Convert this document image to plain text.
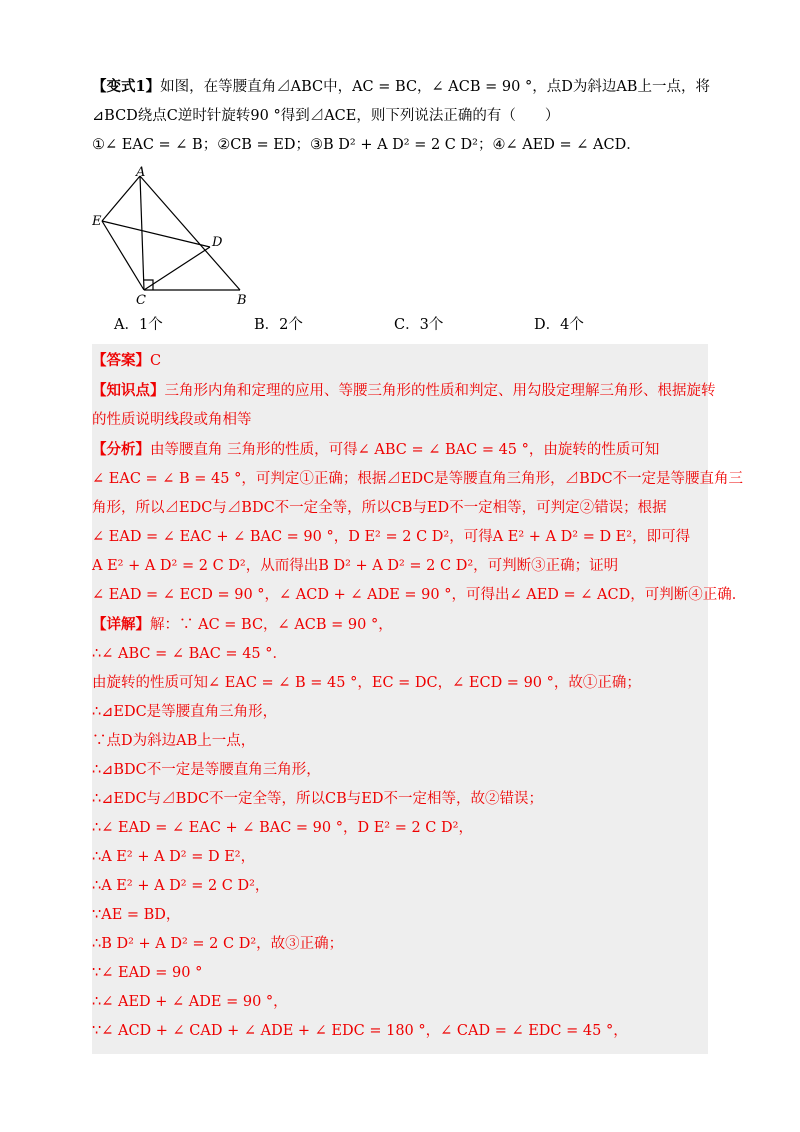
【变式1】如图，在等腰直角⊿ABC中，AC = BC，∠ ACB = 90 °，点D为斜边AB上一点，将
⊿BCD绕点C逆时针旋转90 °得到⊿ACE，则下列说法正确的有（　　）
①∠ EAC = ∠ B；②CB = ED；③B D² + A D² = 2 C D²；④∠ AED = ∠ ACD．
A
E
D
C	B
A．1个	B．2个	C．3个	D．4个
【答案】C
【知识点】三角形内角和定理的应用、等腰三角形的性质和判定、用勾股定理解三角形、根据旋转
的性质说明线段或角相等
【分析】由等腰直角 三角形的性质，可得∠ ABC = ∠ BAC = 45 °，由旋转的性质可知
∠ EAC = ∠ B = 45 °，可判定①正确；根据⊿EDC是等腰直角三角形，⊿BDC不一定是等腰直角三
角形，所以⊿EDC与⊿BDC不一定全等，所以CB与ED不一定相等，可判定②错误；根据
∠ EAD = ∠ EAC + ∠ BAC = 90 °，D E² = 2 C D²，可得A E² + A D² = D E²，即可得
A E² + A D² = 2 C D²，从而得出B D² + A D² = 2 C D²，可判断③正确；证明
∠ EAD = ∠ ECD = 90 °，∠ ACD + ∠ ADE = 90 °，可得出∠ AED = ∠ ACD，可判断④正确．
【详解】解：∵ AC = BC，∠ ACB = 90 °，
∴∠ ABC = ∠ BAC = 45 °．
由旋转的性质可知∠ EAC = ∠ B = 45 °，EC = DC，∠ ECD = 90 °，故①正确；
∴⊿EDC是等腰直角三角形，
∵点D为斜边AB上一点，
∴⊿BDC不一定是等腰直角三角形，
∴⊿EDC与⊿BDC不一定全等，所以CB与ED不一定相等，故②错误；
∴∠ EAD = ∠ EAC + ∠ BAC = 90 °，D E² = 2 C D²，
∴A E² + A D² = D E²，
∴A E² + A D² = 2 C D²，
∵AE = BD，
∴B D² + A D² = 2 C D²，故③正确；
∵∠ EAD = 90 °
∴∠ AED + ∠ ADE = 90 °，
∵∠ ACD + ∠ CAD + ∠ ADE + ∠ EDC = 180 °，∠ CAD = ∠ EDC = 45 °，
